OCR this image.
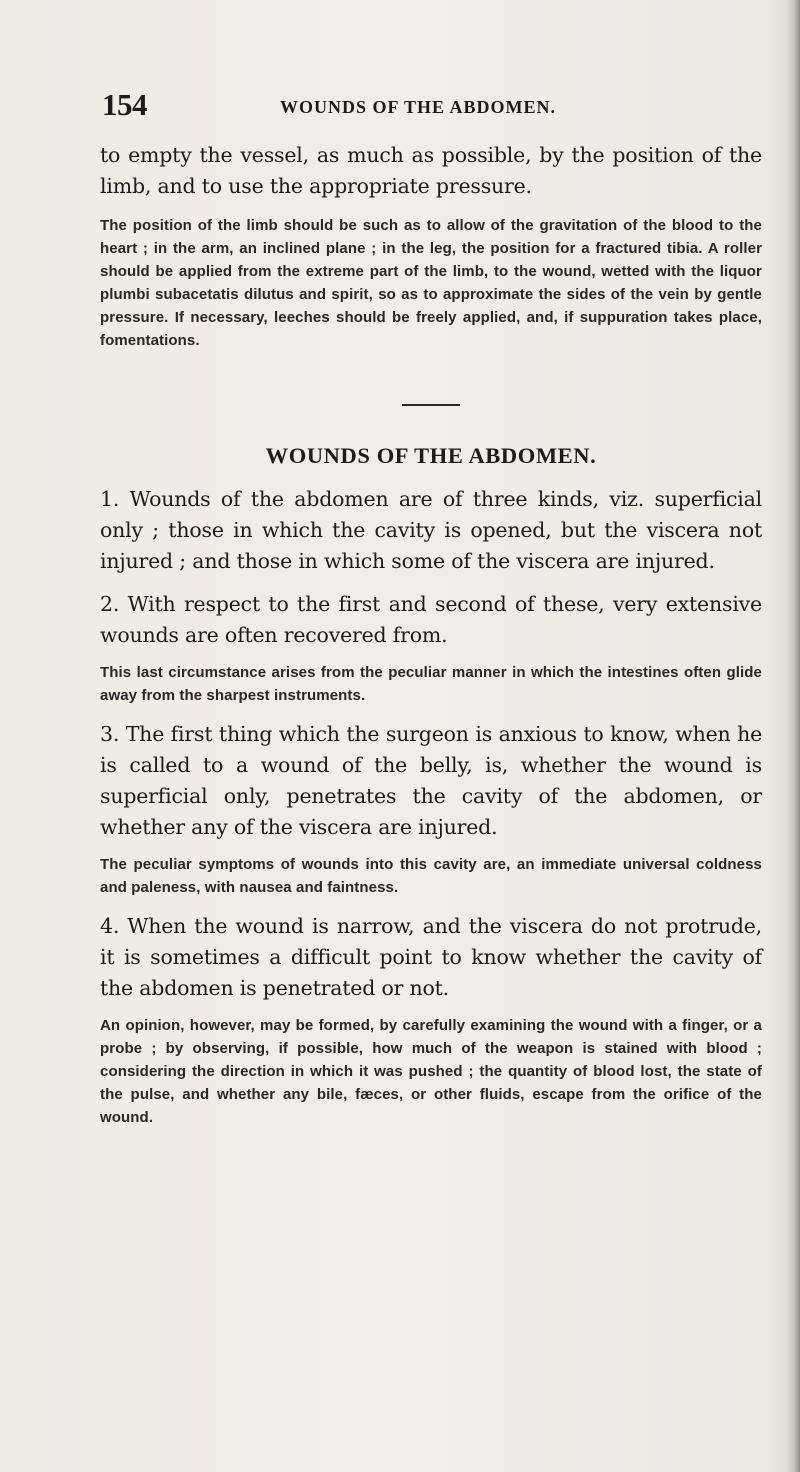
154	WOUNDS OF THE ABDOMEN.

to empty the vessel, as much as possible, by the position of the limb, and to use the appropriate pressure.

The position of the limb should be such as to allow of the gravitation of the blood to the heart ; in the arm, an inclined plane ; in the leg, the position for a fractured tibia. A roller should be applied from the extreme part of the limb, to the wound, wetted with the liquor plumbi subacetatis dilutus and spirit, so as to approximate the sides of the vein by gentle pressure. If necessary, leeches should be freely applied, and, if suppuration takes place, fomentations.

WOUNDS OF THE ABDOMEN.

1. Wounds of the abdomen are of three kinds, viz. superficial only ; those in which the cavity is opened, but the viscera not injured ; and those in which some of the viscera are injured.

2. With respect to the first and second of these, very extensive wounds are often recovered from.

This last circumstance arises from the peculiar manner in which the intestines often glide away from the sharpest instruments.

3. The first thing which the surgeon is anxious to know, when he is called to a wound of the belly, is, whether the wound is superficial only, penetrates the cavity of the abdomen, or whether any of the viscera are injured.

The peculiar symptoms of wounds into this cavity are, an immediate universal coldness and paleness, with nausea and faintness.

4. When the wound is narrow, and the viscera do not protrude, it is sometimes a difficult point to know whether the cavity of the abdomen is penetrated or not.

An opinion, however, may be formed, by carefully examining the wound with a finger, or a probe ; by observing, if possible, how much of the weapon is stained with blood ; considering the direction in which it was pushed ; the quantity of blood lost, the state of the pulse, and whether any bile, fæces, or other fluids, escape from the orifice of the wound.
